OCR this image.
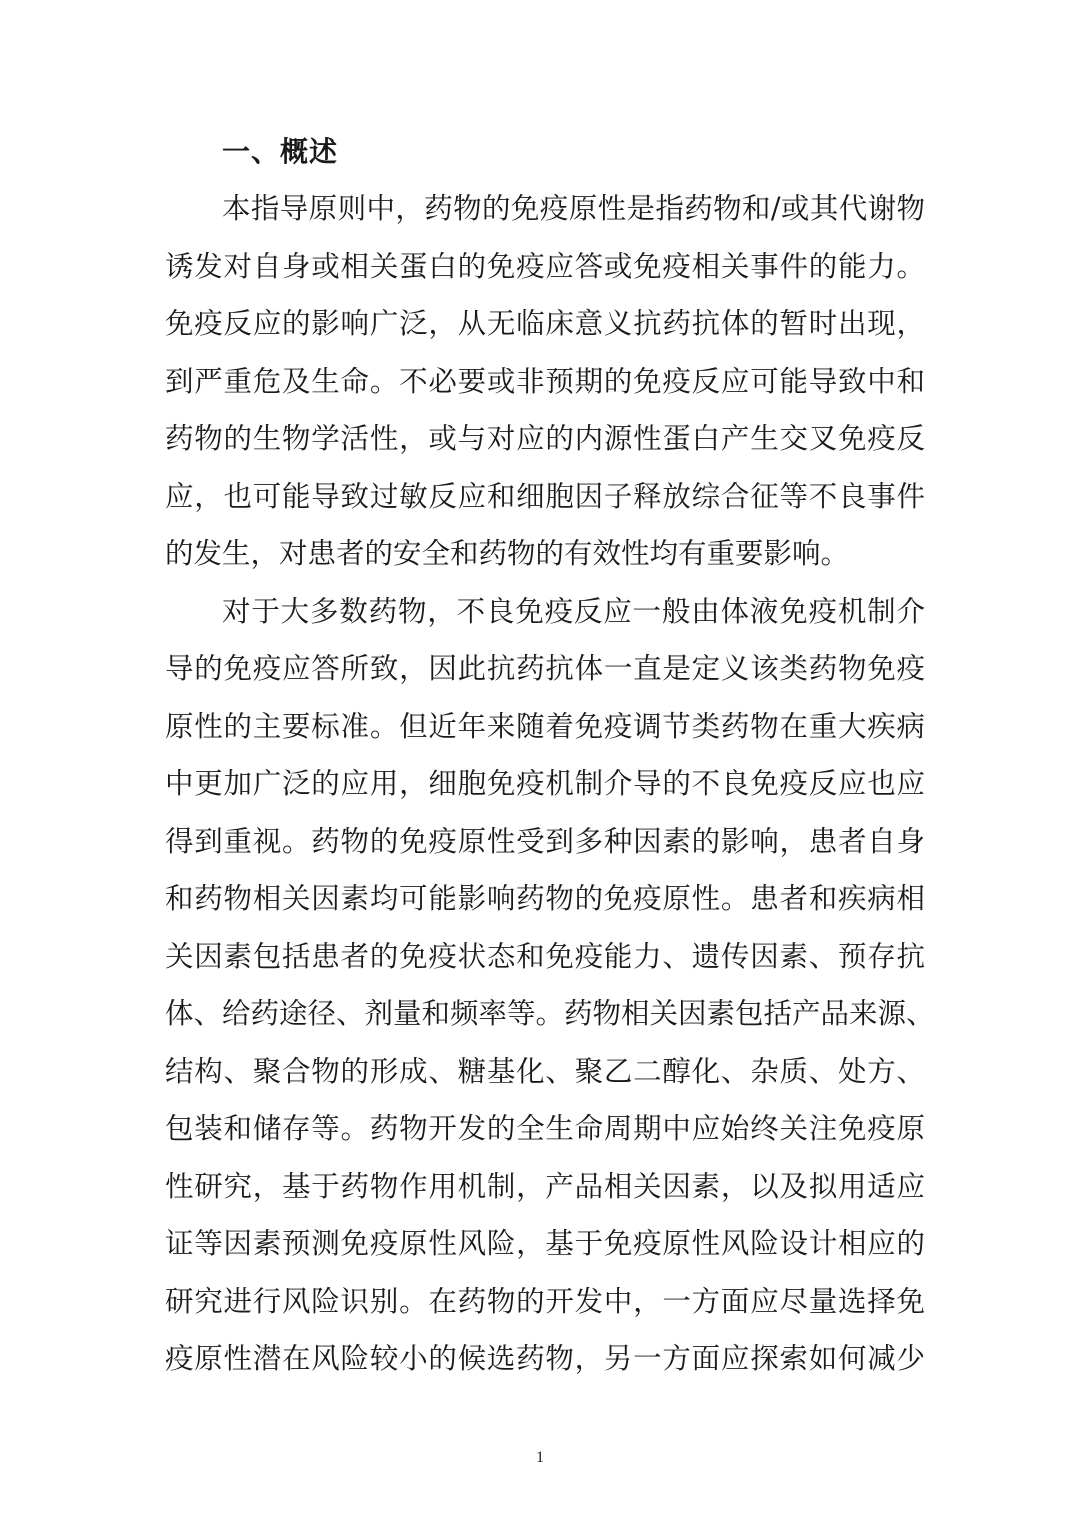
一、概述
本指导原则中，药物的免疫原性是指药物和/或其代谢物
诱发对自身或相关蛋白的免疫应答或免疫相关事件的能力。
免疫反应的影响广泛，从无临床意义抗药抗体的暂时出现，
到严重危及生命。不必要或非预期的免疫反应可能导致中和
药物的生物学活性，或与对应的内源性蛋白产生交叉免疫反
应，也可能导致过敏反应和细胞因子释放综合征等不良事件
的发生，对患者的安全和药物的有效性均有重要影响。
对于大多数药物，不良免疫反应一般由体液免疫机制介
导的免疫应答所致，因此抗药抗体一直是定义该类药物免疫
原性的主要标准。但近年来随着免疫调节类药物在重大疾病
中更加广泛的应用，细胞免疫机制介导的不良免疫反应也应
得到重视。药物的免疫原性受到多种因素的影响，患者自身
和药物相关因素均可能影响药物的免疫原性。患者和疾病相
关因素包括患者的免疫状态和免疫能力、遗传因素、预存抗
体、给药途径、剂量和频率等。药物相关因素包括产品来源、
结构、聚合物的形成、糖基化、聚乙二醇化、杂质、处方、
包装和储存等。药物开发的全生命周期中应始终关注免疫原
性研究，基于药物作用机制，产品相关因素，以及拟用适应
证等因素预测免疫原性风险，基于免疫原性风险设计相应的
研究进行风险识别。在药物的开发中，一方面应尽量选择免
疫原性潜在风险较小的候选药物，另一方面应探索如何减少
1
